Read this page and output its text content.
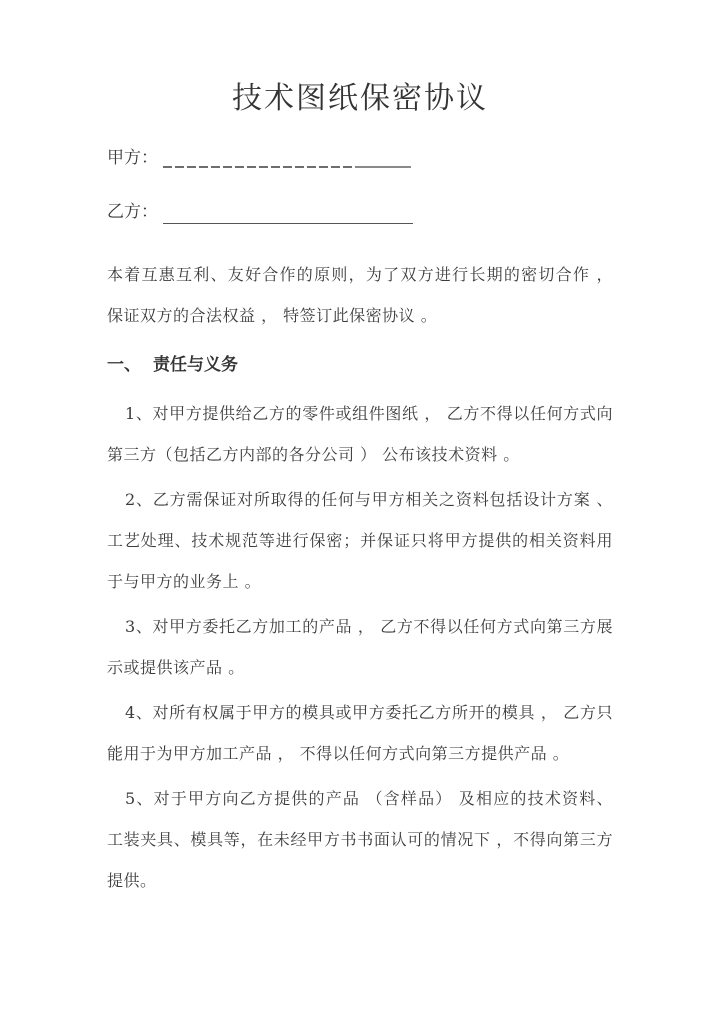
技术图纸保密协议
甲方：
乙方：

本着互惠互利、友好合作的原则，为了双方进行长期的密切合作 ， 保证双方的合法权益 ， 特签订此保密协议 。

一、 责任与义务

1、对甲方提供给乙方的零件或组件图纸 ， 乙方不得以任何方式向第三方（包括乙方内部的各分公司 ） 公布该技术资料 。

2、乙方需保证对所取得的任何与甲方相关之资料包括设计方案 、工艺处理、技术规范等进行保密；并保证只将甲方提供的相关资料用于与甲方的业务上 。

3、对甲方委托乙方加工的产品 ， 乙方不得以任何方式向第三方展示或提供该产品 。

4、对所有权属于甲方的模具或甲方委托乙方所开的模具 ， 乙方只能用于为甲方加工产品 ， 不得以任何方式向第三方提供产品 。

5、对于甲方向乙方提供的产品 （含样品） 及相应的技术资料、 工装夹具、模具等，在未经甲方书书面认可的情况下 ，不得向第三方提供。
